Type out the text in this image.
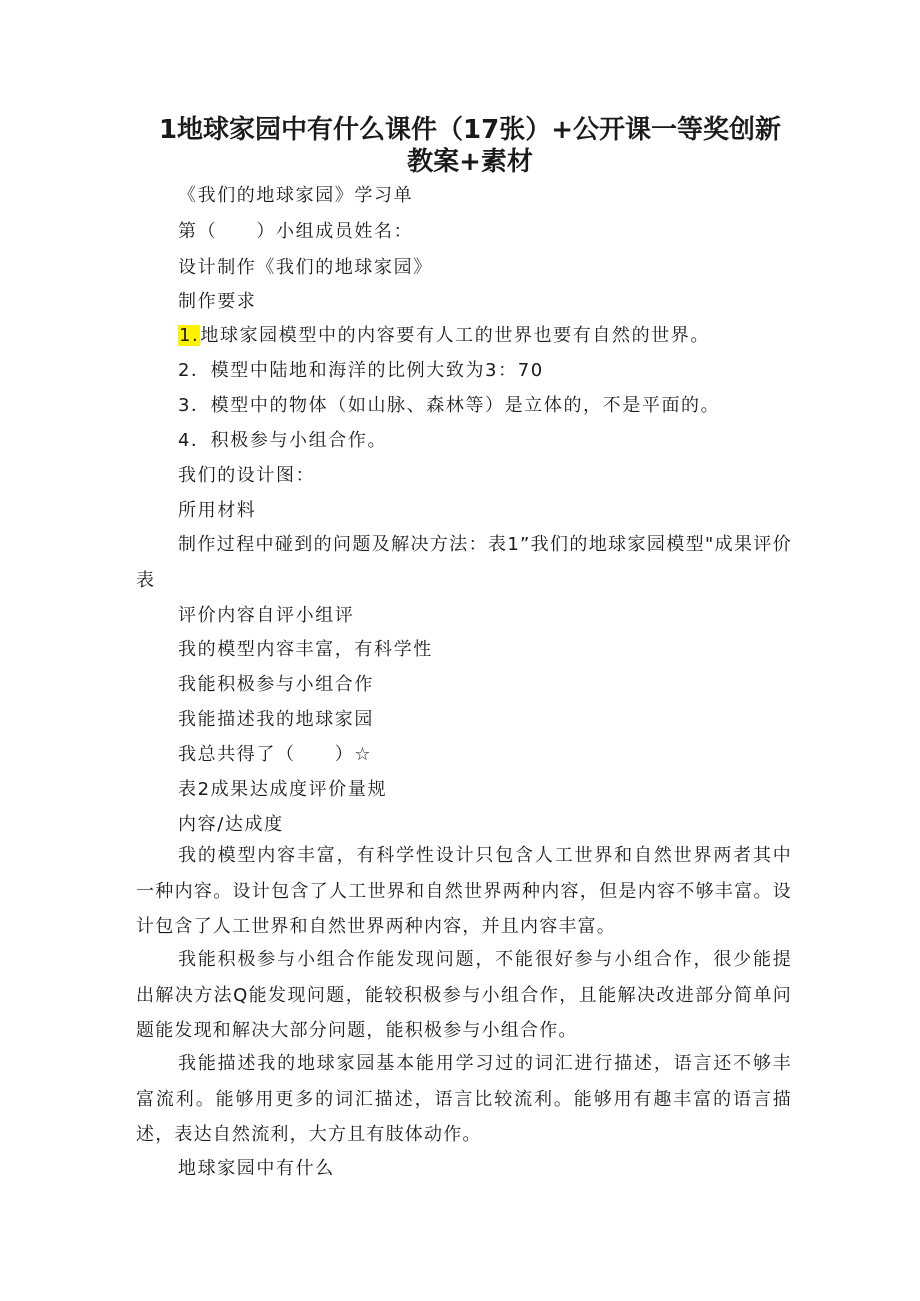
1地球家园中有什么课件（17张）+公开课一等奖创新
教案+素材
《我们的地球家园》学习单
第（　　）小组成员姓名：
设计制作《我们的地球家园》
制作要求
1.地球家园模型中的内容要有人工的世界也要有自然的世界。
2．模型中陆地和海洋的比例大致为3：70
3．模型中的物体（如山脉、森林等）是立体的，不是平面的。
4．积极参与小组合作。
我们的设计图：
所用材料
制作过程中碰到的问题及解决方法：表1”我们的地球家园模型"成果评价表
评价内容自评小组评
我的模型内容丰富，有科学性
我能积极参与小组合作
我能描述我的地球家园
我总共得了（　　）☆
表2成果达成度评价量规
内容/达成度
我的模型内容丰富，有科学性设计只包含人工世界和自然世界两者其中一种内容。设计包含了人工世界和自然世界两种内容，但是内容不够丰富。设计包含了人工世界和自然世界两种内容，并且内容丰富。
我能积极参与小组合作能发现问题，不能很好参与小组合作，很少能提出解决方法Q能发现问题，能较积极参与小组合作，且能解决改进部分简单问题能发现和解决大部分问题，能积极参与小组合作。
我能描述我的地球家园基本能用学习过的词汇进行描述，语言还不够丰富流利。能够用更多的词汇描述，语言比较流利。能够用有趣丰富的语言描述，表达自然流利，大方且有肢体动作。
地球家园中有什么
